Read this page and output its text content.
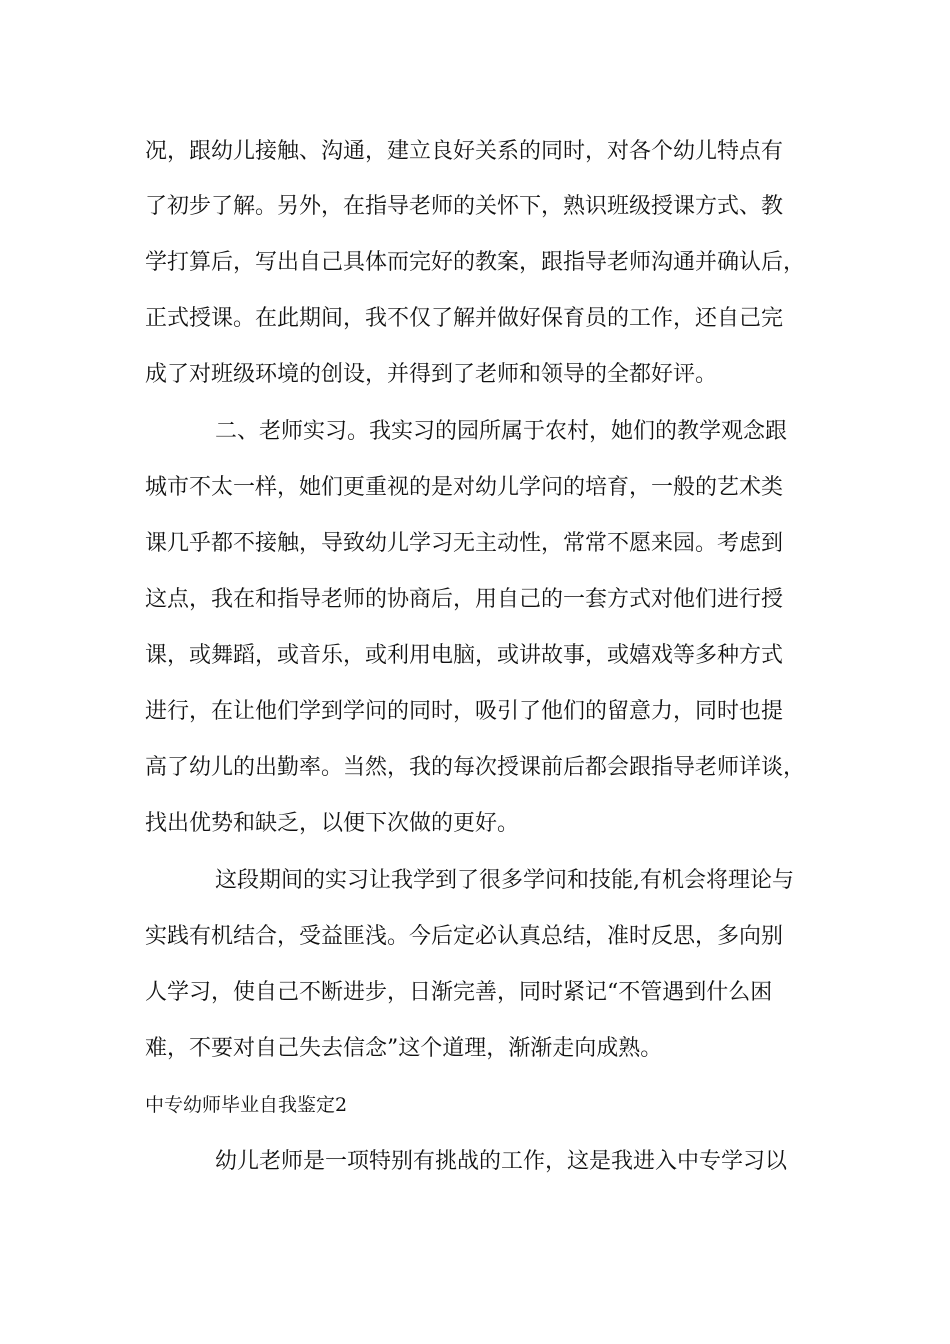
况，跟幼儿接触、沟通，建立良好关系的同时，对各个幼儿特点有
了初步了解。另外，在指导老师的关怀下，熟识班级授课方式、教
学打算后，写出自己具体而完好的教案，跟指导老师沟通并确认后，
正式授课。在此期间，我不仅了解并做好保育员的工作，还自己完
成了对班级环境的创设，并得到了老师和领导的全都好评。
二、老师实习。我实习的园所属于农村，她们的教学观念跟
城市不太一样，她们更重视的是对幼儿学问的培育，一般的艺术类
课几乎都不接触，导致幼儿学习无主动性，常常不愿来园。考虑到
这点，我在和指导老师的协商后，用自己的一套方式对他们进行授
课，或舞蹈，或音乐，或利用电脑，或讲故事，或嬉戏等多种方式
进行，在让他们学到学问的同时，吸引了他们的留意力，同时也提
高了幼儿的出勤率。当然，我的每次授课前后都会跟指导老师详谈，
找出优势和缺乏，以便下次做的更好。
这段期间的实习让我学到了很多学问和技能,有机会将理论与
实践有机结合，受益匪浅。今后定必认真总结，准时反思，多向别
人学习，使自己不断进步，日渐完善，同时紧记“不管遇到什么困
难，不要对自己失去信念”这个道理，渐渐走向成熟。
中专幼师毕业自我鉴定2
幼儿老师是一项特别有挑战的工作，这是我进入中专学习以
